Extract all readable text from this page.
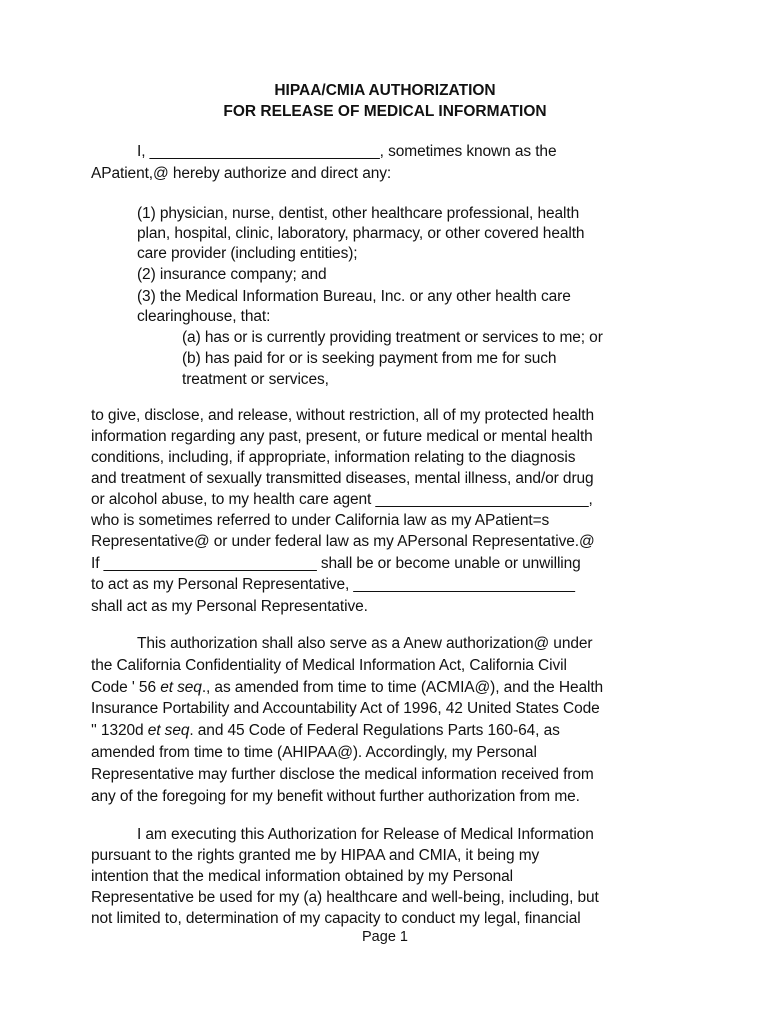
HIPAA/CMIA AUTHORIZATION
FOR RELEASE OF MEDICAL INFORMATION
I, ___________________________, sometimes known as the
APatient,@ hereby authorize and direct any:
(1) physician, nurse, dentist, other healthcare professional, health
plan, hospital, clinic, laboratory, pharmacy, or other covered health
care provider (including entities);
(2) insurance company; and
(3) the Medical Information Bureau, Inc. or any other health care
clearinghouse, that:
(a) has or is currently providing treatment or services to me; or
(b) has paid for or is seeking payment from me for such
treatment or services,
to give, disclose, and release, without restriction, all of my protected health
information regarding any past, present, or future medical or mental health
conditions, including, if appropriate, information relating to the diagnosis
and treatment of sexually transmitted diseases, mental illness, and/or drug
or alcohol abuse, to my health care agent _________________________,
who is sometimes referred to under California law as my APatient=s
Representative@ or under federal law as my APersonal Representative.@
If _________________________ shall be or become unable or unwilling
to act as my Personal Representative, __________________________
shall act as my Personal Representative.
This authorization shall also serve as a Anew authorization@ under
the California Confidentiality of Medical Information Act, California Civil
Code ' 56 et seq., as amended from time to time (ACMIA@), and the Health
Insurance Portability and Accountability Act of 1996, 42 United States Code
'' 1320d et seq. and 45 Code of Federal Regulations Parts 160-64, as
amended from time to time (AHIPAA@). Accordingly, my Personal
Representative may further disclose the medical information received from
any of the foregoing for my benefit without further authorization from me.
I am executing this Authorization for Release of Medical Information
pursuant to the rights granted me by HIPAA and CMIA, it being my
intention that the medical information obtained by my Personal
Representative be used for my (a) healthcare and well-being, including, but
not limited to, determination of my capacity to conduct my legal, financial
Page 1
